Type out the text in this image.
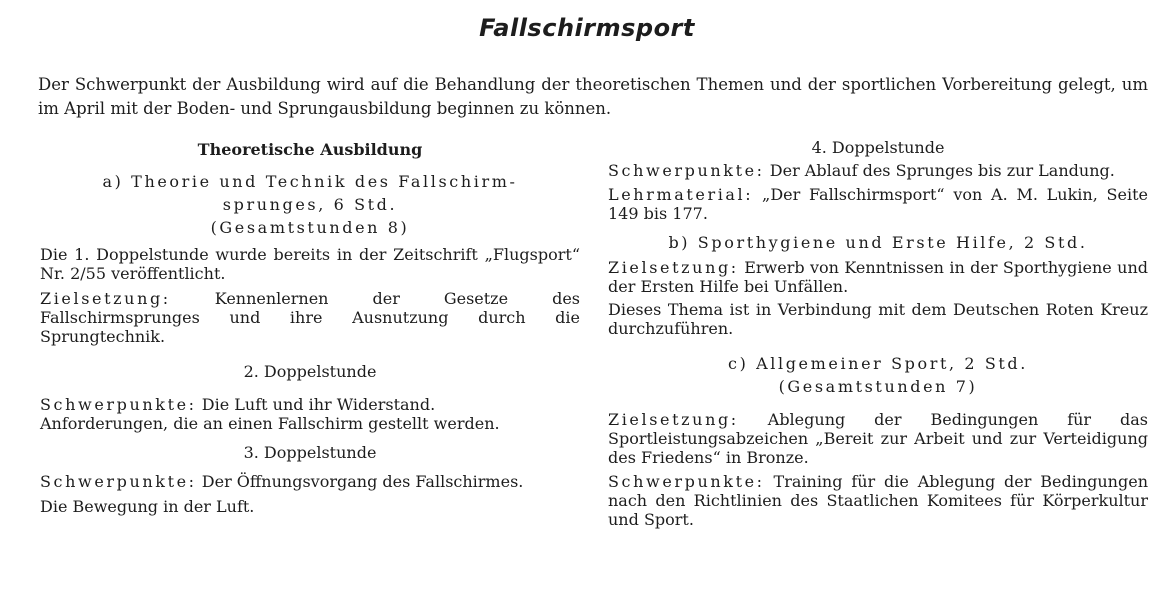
Fallschirmsport

Der Schwerpunkt der Ausbildung wird auf die Behandlung der theoretischen Themen und der sportlichen Vorbereitung gelegt, um im April mit der Boden- und Sprungausbildung beginnen zu können.

Theoretische Ausbildung
a) Theorie und Technik des Fallschirm-
sprunges, 6 Std.
(Gesamtstunden 8)

Die 1. Doppelstunde wurde bereits in der Zeitschrift „Flugsport“ Nr. 2/55 veröffentlicht.

Zielsetzung: Kennenlernen der Gesetze des Fallschirmsprunges und ihre Ausnutzung durch die Sprungtechnik.

2. Doppelstunde

Schwerpunkte: Die Luft und ihr Widerstand.
Anforderungen, die an einen Fallschirm gestellt werden.

3. Doppelstunde

Schwerpunkte: Der Öffnungsvorgang des Fallschirmes.

Die Bewegung in der Luft.

4. Doppelstunde

Schwerpunkte: Der Ablauf des Sprunges bis zur Landung.

Lehrmaterial: „Der Fallschirmsport“ von A. M. Lukin, Seite 149 bis 177.

b) Sporthygiene und Erste Hilfe, 2 Std.

Zielsetzung: Erwerb von Kenntnissen in der Sporthygiene und der Ersten Hilfe bei Unfällen.

Dieses Thema ist in Verbindung mit dem Deutschen Roten Kreuz durchzuführen.

c) Allgemeiner Sport, 2 Std.
(Gesamtstunden 7)

Zielsetzung: Ablegung der Bedingungen für das Sportleistungsabzeichen „Bereit zur Arbeit und zur Verteidigung des Friedens“ in Bronze.

Schwerpunkte: Training für die Ablegung der Bedingungen nach den Richtlinien des Staatlichen Komitees für Körperkultur und Sport.
